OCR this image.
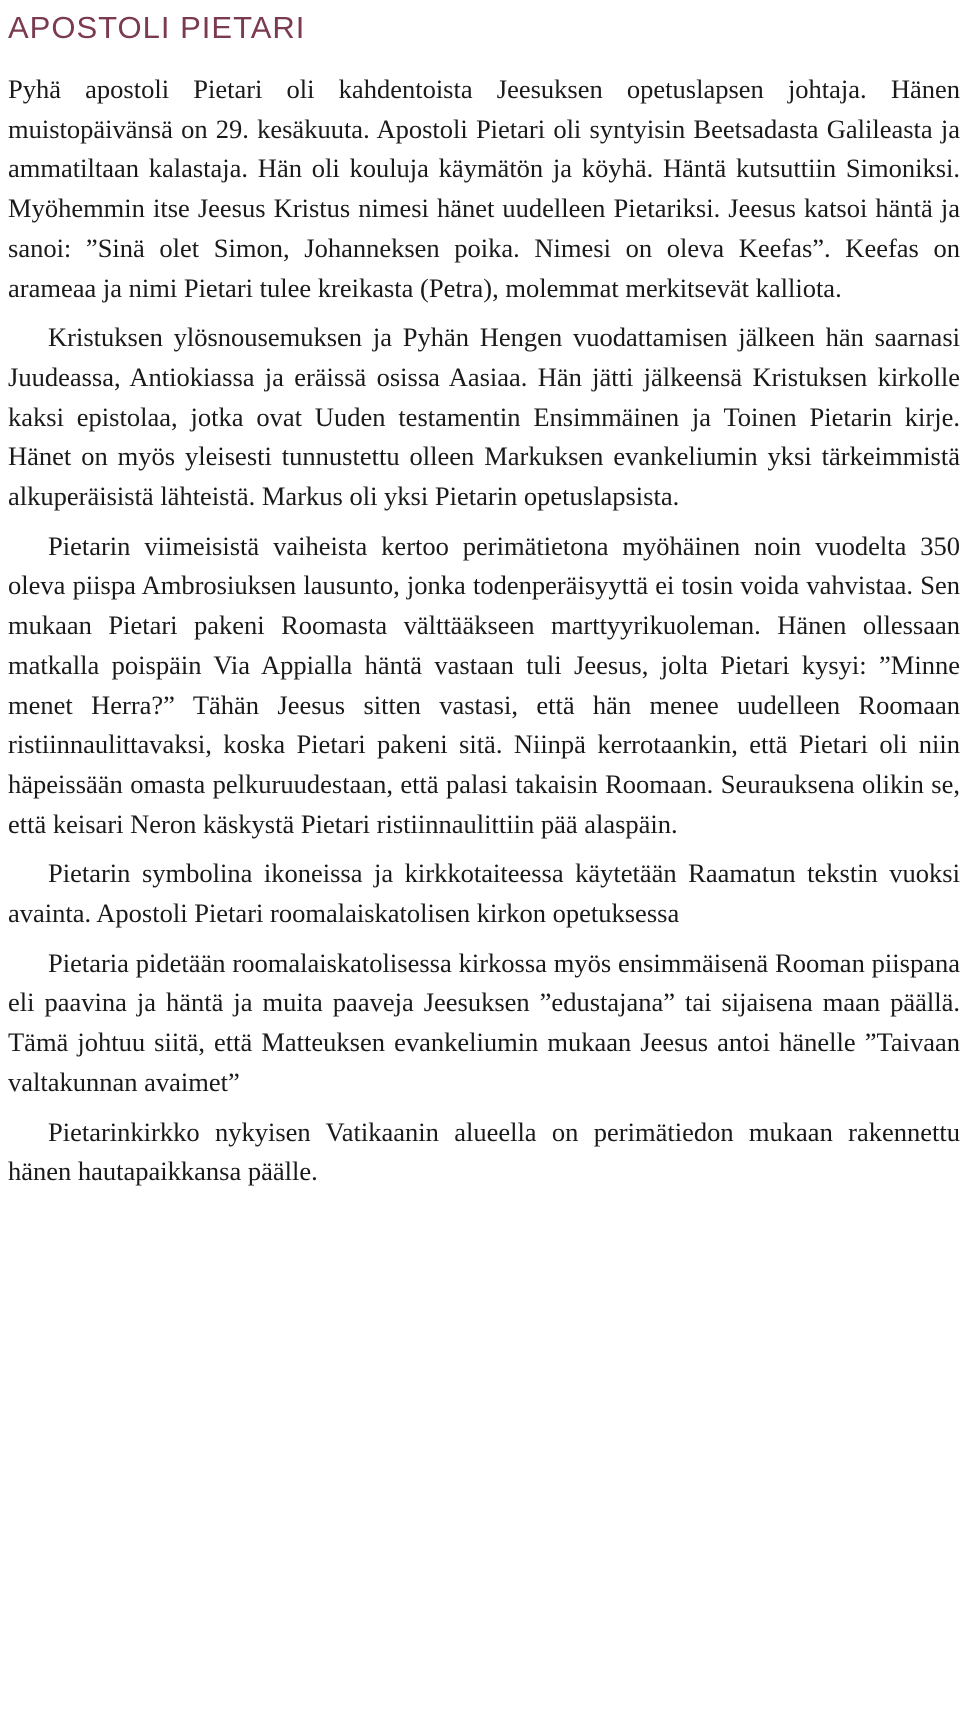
APOSTOLI PIETARI

Pyhä apostoli Pietari oli kahdentoista Jeesuksen opetuslapsen johtaja. Hänen muistopäivänsä on 29. kesäkuuta. Apostoli Pietari oli syntyisin Beetsadasta Galileasta ja ammatiltaan kalastaja. Hän oli kouluja käymätön ja köyhä. Häntä kutsuttiin Simoniksi. Myöhemmin itse Jeesus Kristus nimesi hänet uudelleen Pietariksi. Jeesus katsoi häntä ja sanoi: ”Sinä olet Simon, Johanneksen poika. Nimesi on oleva Keefas”. Keefas on arameaa ja nimi Pietari tulee kreikasta (Petra), molemmat merkitsevät kalliota.

Kristuksen ylösnousemuksen ja Pyhän Hengen vuodattamisen jälkeen hän saarnasi Juudeassa, Antiokiassa ja eräissä osissa Aasiaa. Hän jätti jälkeensä Kristuksen kirkolle kaksi epistolaa, jotka ovat Uuden testamentin Ensimmäinen ja Toinen Pietarin kirje. Hänet on myös yleisesti tunnustettu olleen Markuksen evankeliumin yksi tärkeimmistä alkuperäisistä lähteistä. Markus oli yksi Pietarin opetuslapsista.

Pietarin viimeisistä vaiheista kertoo perimätietona myöhäinen noin vuodelta 350 oleva piispa Ambrosiuksen lausunto, jonka todenperäisyyttä ei tosin voida vahvistaa. Sen mukaan Pietari pakeni Roomasta välttääkseen marttyyrikuoleman. Hänen ollessaan matkalla poispäin Via Appialla häntä vastaan tuli Jeesus, jolta Pietari kysyi: ”Minne menet Herra?” Tähän Jeesus sitten vastasi, että hän menee uudelleen Roomaan ristiinnaulittavaksi, koska Pietari pakeni sitä. Niinpä kerrotaankin, että Pietari oli niin häpeissään omasta pelkuruudestaan, että palasi takaisin Roomaan. Seurauksena olikin se, että keisari Neron käskystä Pietari ristiinnaulittiin pää alaspäin.

Pietarin symbolina ikoneissa ja kirkkotaiteessa käytetään Raamatun tekstin vuoksi avainta. Apostoli Pietari roomalaiskatolisen kirkon opetuksessa

Pietaria pidetään roomalaiskatolisessa kirkossa myös ensimmäisenä Rooman piispana eli paavina ja häntä ja muita paaveja Jeesuksen ”edustajana” tai sijaisena maan päällä. Tämä johtuu siitä, että Matteuksen evankeliumin mukaan Jeesus antoi hänelle ”Taivaan valtakunnan avaimet”

Pietarinkirkko nykyisen Vatikaanin alueella on perimätiedon mukaan rakennettu hänen hautapaikkansa päälle.
